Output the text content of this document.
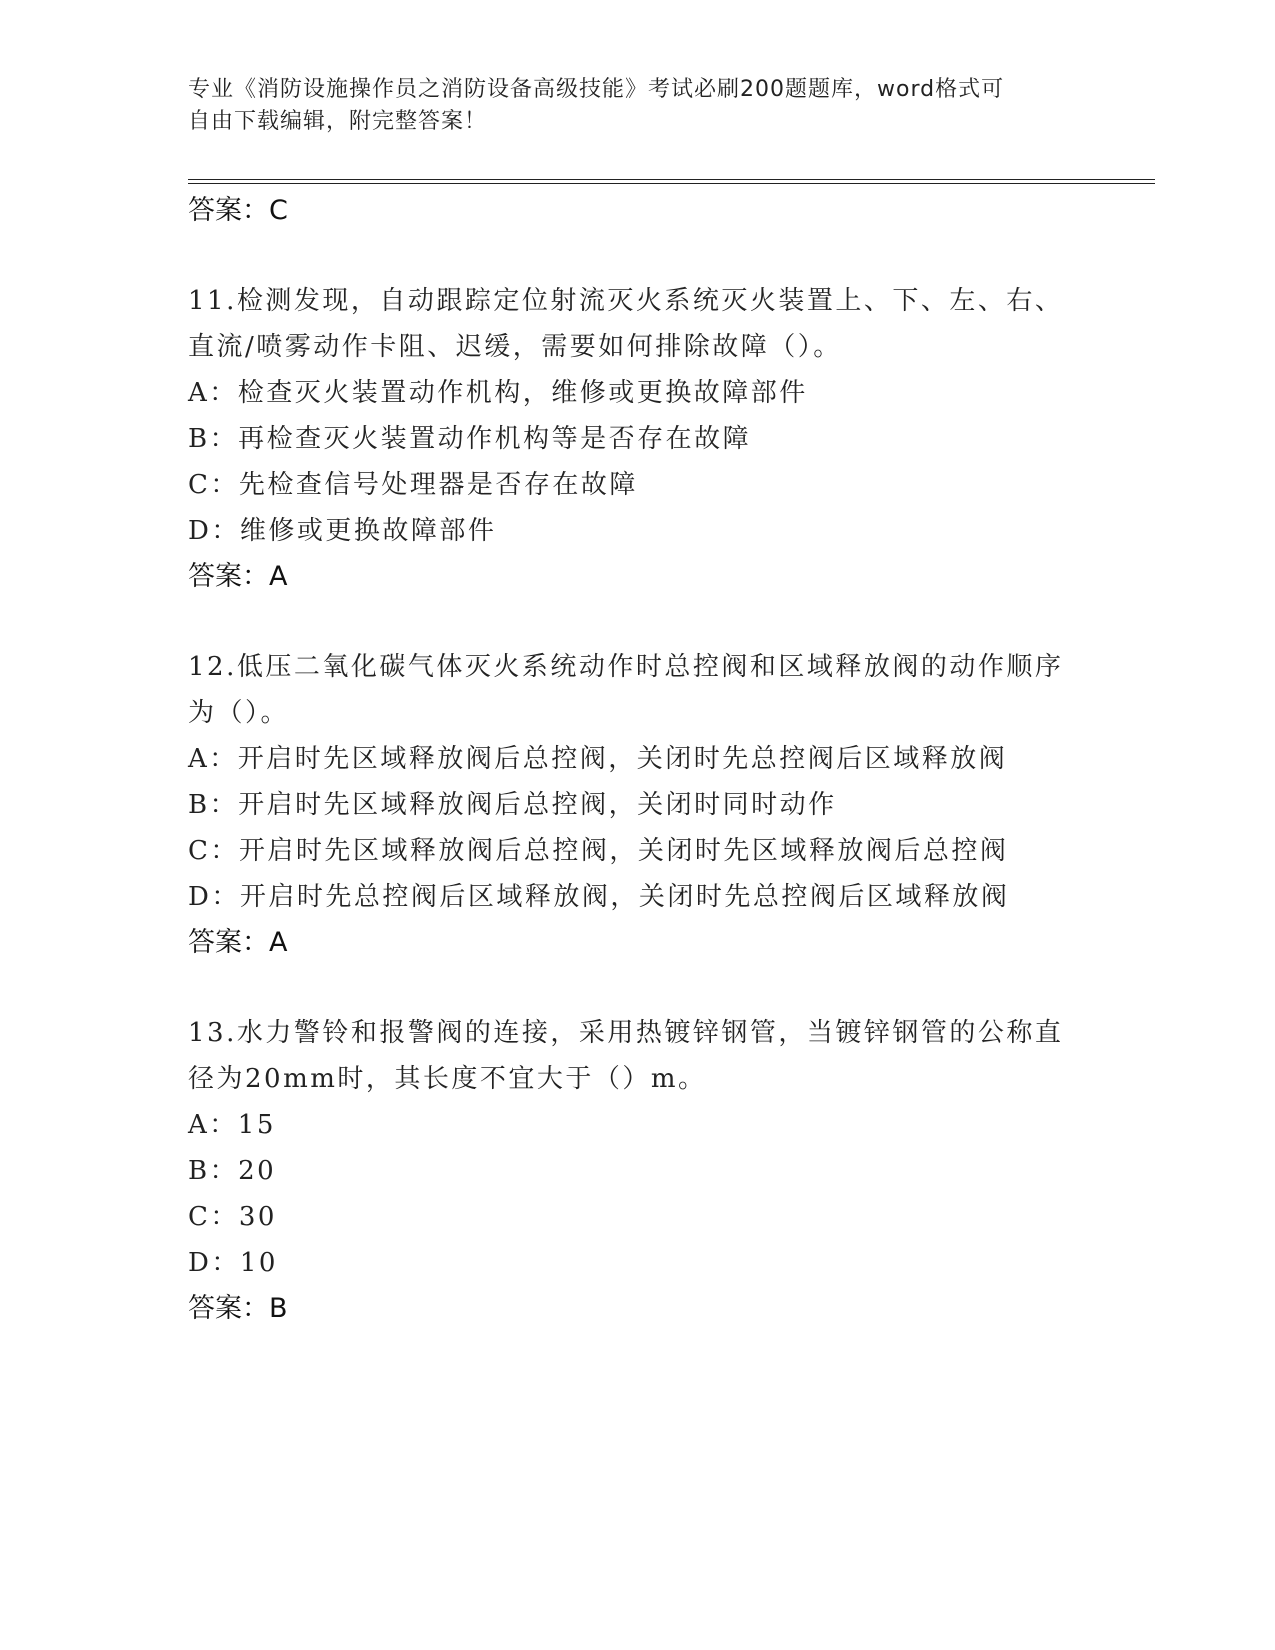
专业《消防设施操作员之消防设备高级技能》考试必刷200题题库，word格式可
自由下载编辑，附完整答案！
答案：C
11.检测发现，自动跟踪定位射流灭火系统灭火装置上、下、左、右、
直流/喷雾动作卡阻、迟缓，需要如何排除故障（）。
A：检查灭火装置动作机构，维修或更换故障部件
B：再检查灭火装置动作机构等是否存在故障
C：先检查信号处理器是否存在故障
D：维修或更换故障部件
答案：A
12.低压二氧化碳气体灭火系统动作时总控阀和区域释放阀的动作顺序
为（）。
A：开启时先区域释放阀后总控阀，关闭时先总控阀后区域释放阀
B：开启时先区域释放阀后总控阀，关闭时同时动作
C：开启时先区域释放阀后总控阀，关闭时先区域释放阀后总控阀
D：开启时先总控阀后区域释放阀，关闭时先总控阀后区域释放阀
答案：A
13.水力警铃和报警阀的连接，采用热镀锌钢管，当镀锌钢管的公称直
径为20mm时，其长度不宜大于（）m。
A：15
B：20
C：30
D：10
答案：B
